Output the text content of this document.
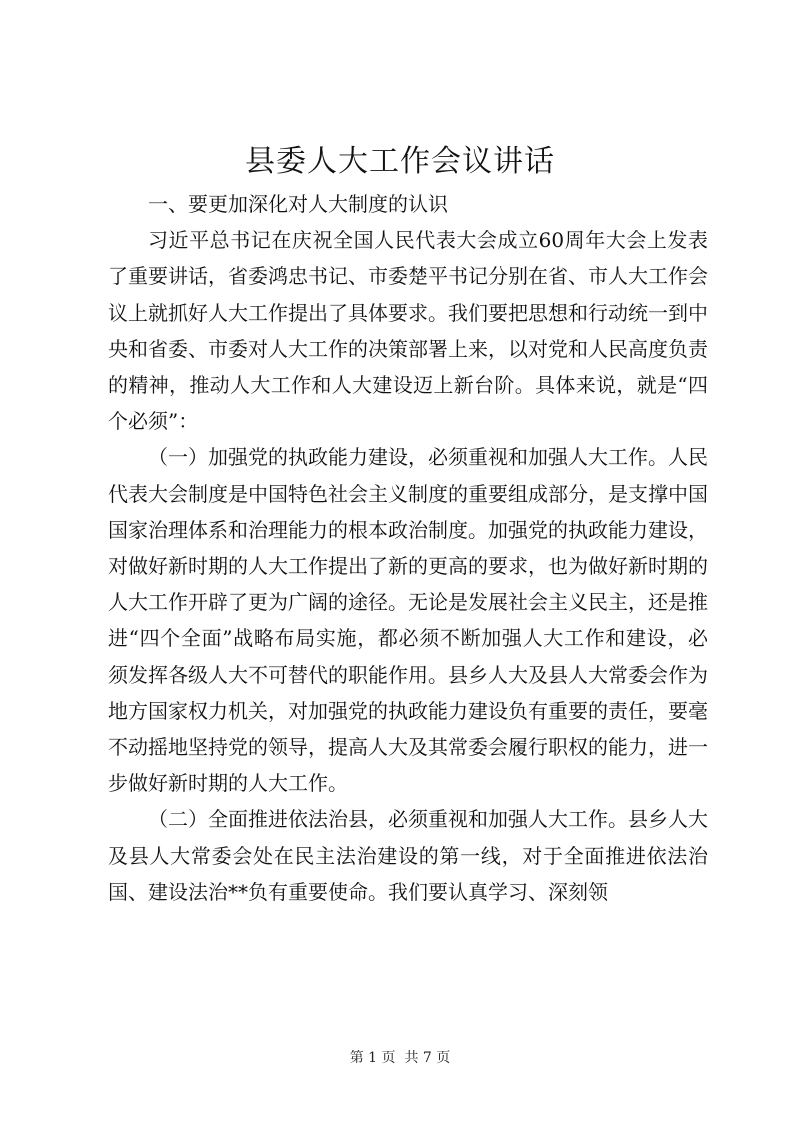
县委人大工作会议讲话

一、要更加深化对人大制度的认识

习近平总书记在庆祝全国人民代表大会成立60周年大会上发表了重要讲话，省委鸿忠书记、市委楚平书记分别在省、市人大工作会议上就抓好人大工作提出了具体要求。我们要把思想和行动统一到中央和省委、市委对人大工作的决策部署上来，以对党和人民高度负责的精神，推动人大工作和人大建设迈上新台阶。具体来说，就是“四个必须”：

（一）加强党的执政能力建设，必须重视和加强人大工作。人民代表大会制度是中国特色社会主义制度的重要组成部分，是支撑中国国家治理体系和治理能力的根本政治制度。加强党的执政能力建设，对做好新时期的人大工作提出了新的更高的要求，也为做好新时期的人大工作开辟了更为广阔的途径。无论是发展社会主义民主，还是推进“四个全面”战略布局实施，都必须不断加强人大工作和建设，必须发挥各级人大不可替代的职能作用。县乡人大及县人大常委会作为地方国家权力机关，对加强党的执政能力建设负有重要的责任，要毫不动摇地坚持党的领导，提高人大及其常委会履行职权的能力，进一步做好新时期的人大工作。

（二）全面推进依法治县，必须重视和加强人大工作。县乡人大及县人大常委会处在民主法治建设的第一线，对于全面推进依法治国、建设法治**负有重要使命。我们要认真学习、深刻领

第 1 页  共 7 页
